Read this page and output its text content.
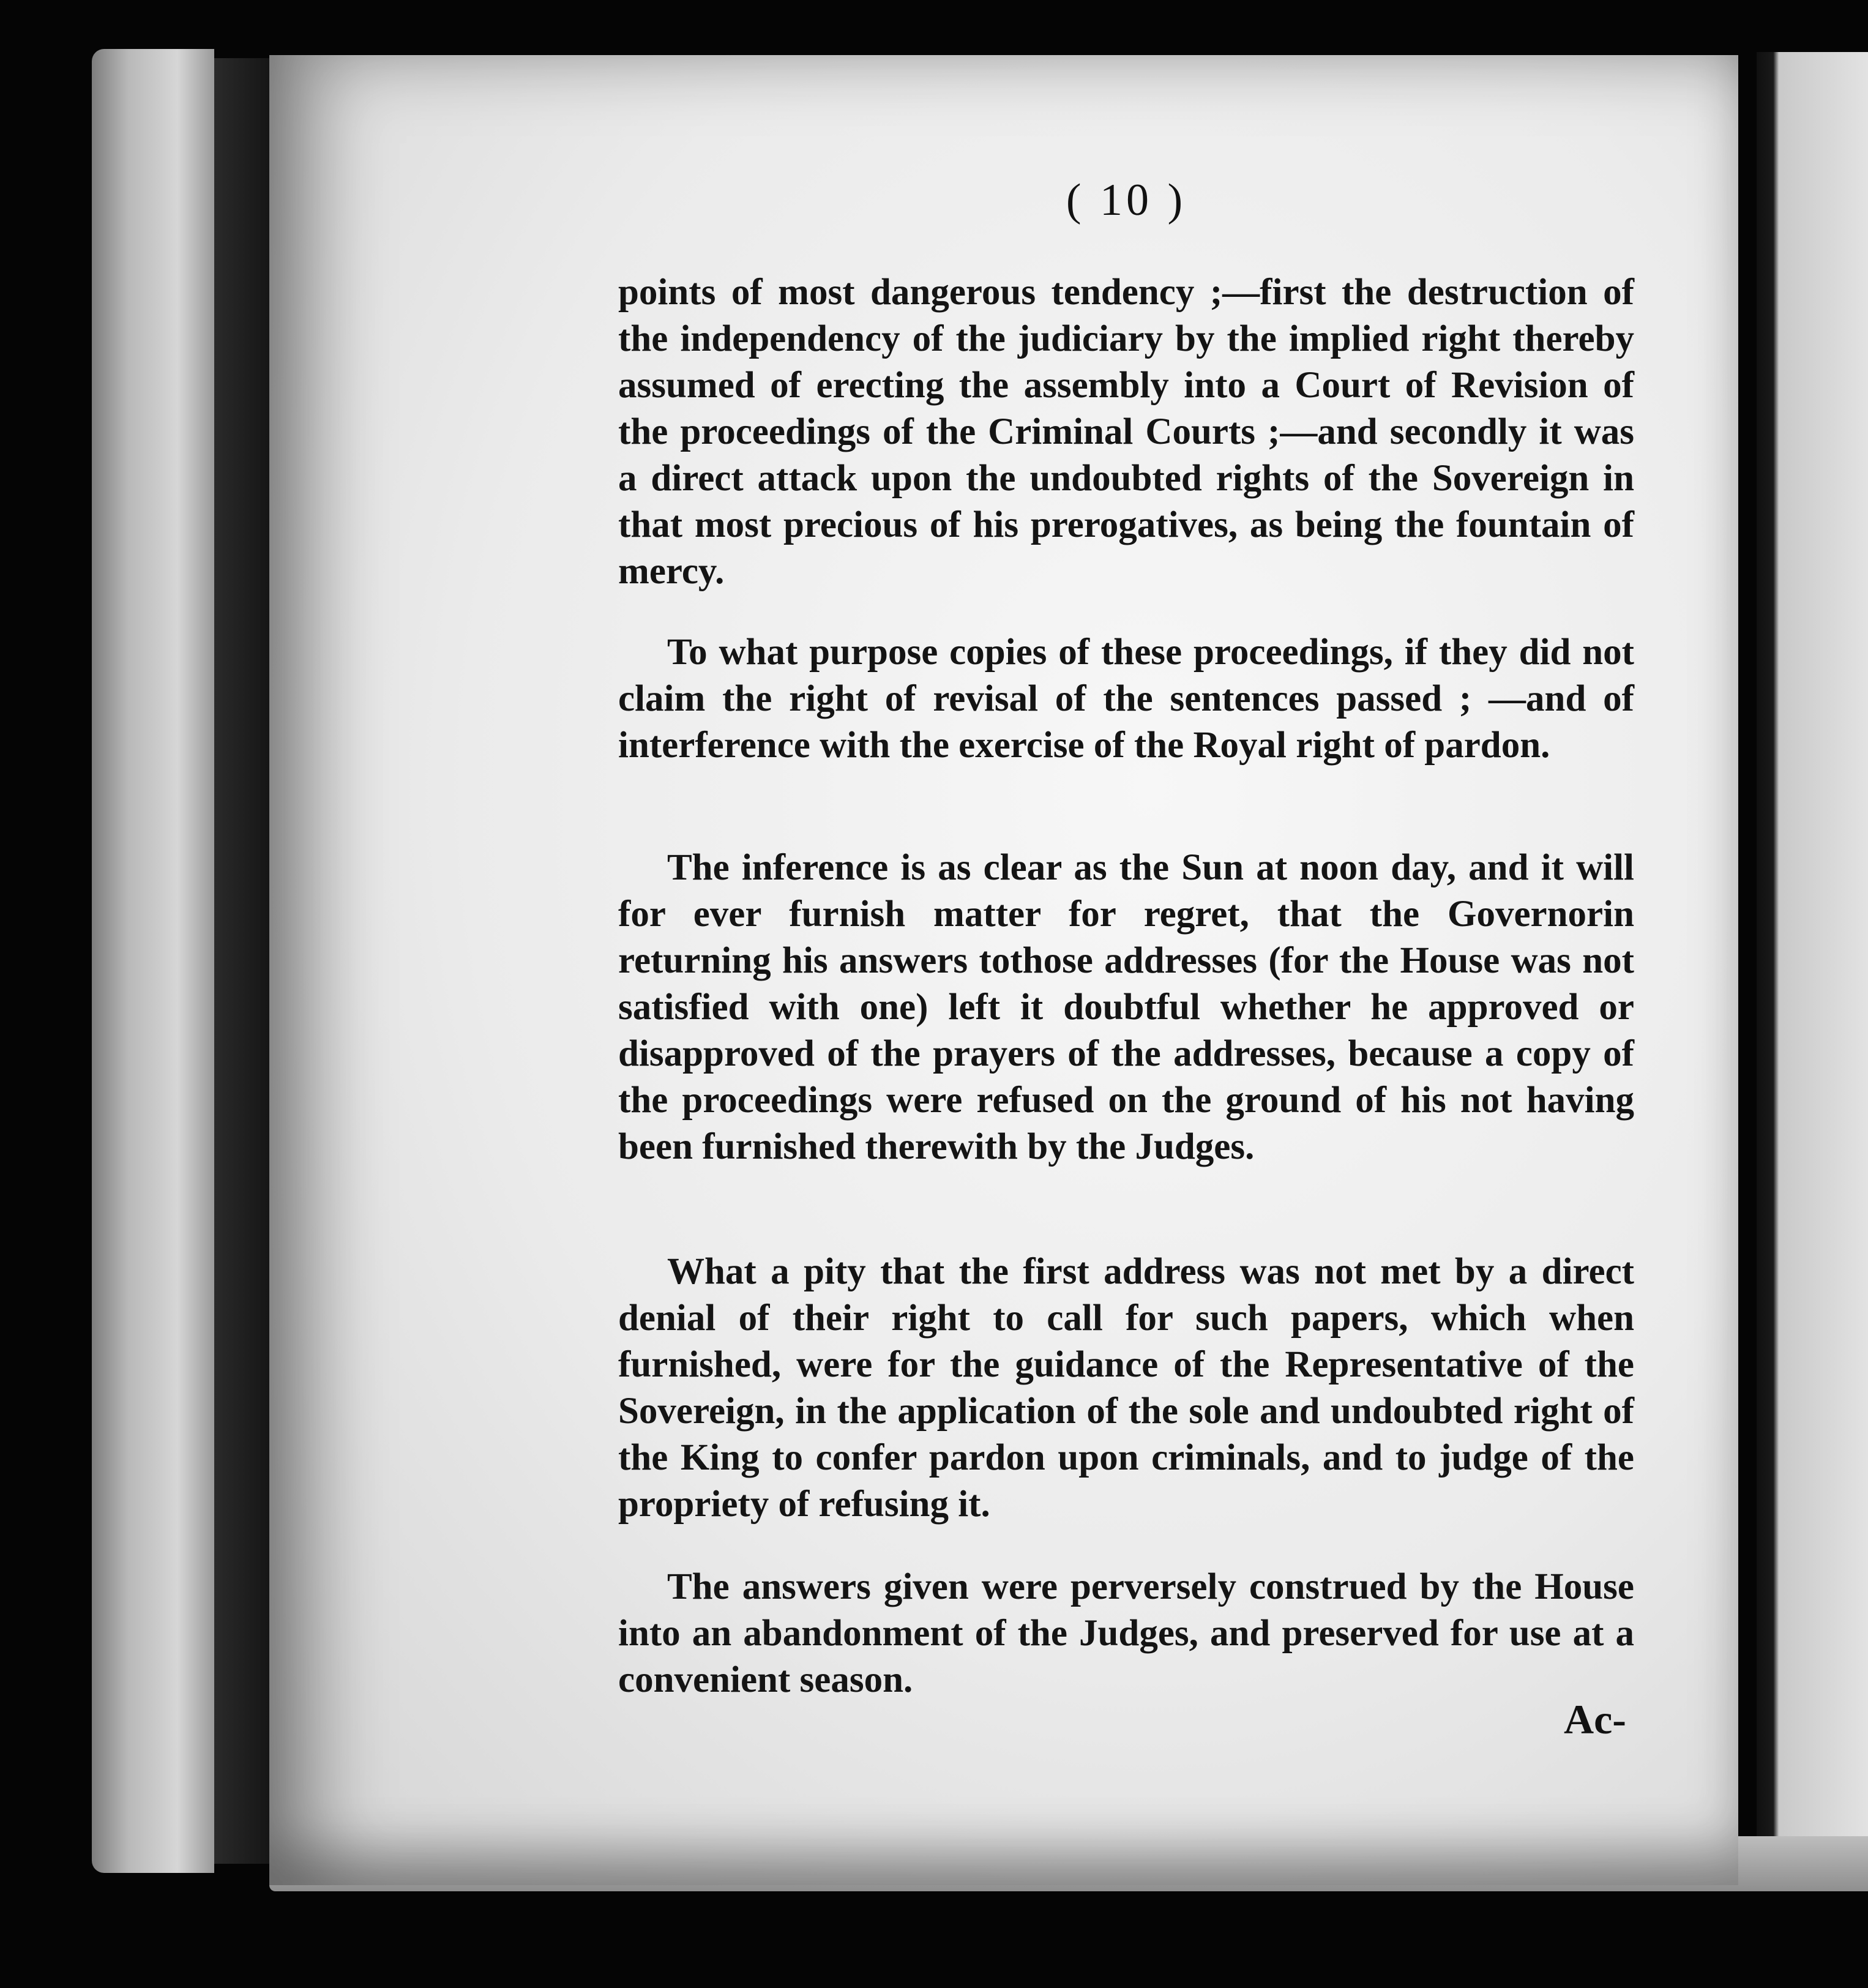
( 10 )

points of most dangerous tendency ;—first the destruction of the independency of the judiciary by the implied right thereby assumed of erecting the assembly into a Court of Revision of the proceedings of the Criminal Courts ;—and secondly it was a direct attack upon the undoubted rights of the Sovereign in that most precious of his prerogatives, as being the fountain of mercy.

To what purpose copies of these proceedings, if they did not claim the right of revisal of the sentences passed ; —and of interference with the exercise of the Royal right of pardon.

The inference is as clear as the Sun at noon day, and it will for ever furnish matter for regret, that the Governorin returning his answers tothose addresses (for the House was not satisfied with one) left it doubtful whether he approved or disapproved of the prayers of the addresses, because a copy of the proceedings were refused on the ground of his not having been furnished therewith by the Judges.

What a pity that the first address was not met by a direct denial of their right to call for such papers, which when furnished, were for the guidance of the Representative of the Sovereign, in the application of the sole and undoubted right of the King to confer pardon upon criminals, and to judge of the propriety of refusing it.

The answers given were perversely construed by the House into an abandonment of the Judges, and preserved for use at a convenient season.

Ac-
